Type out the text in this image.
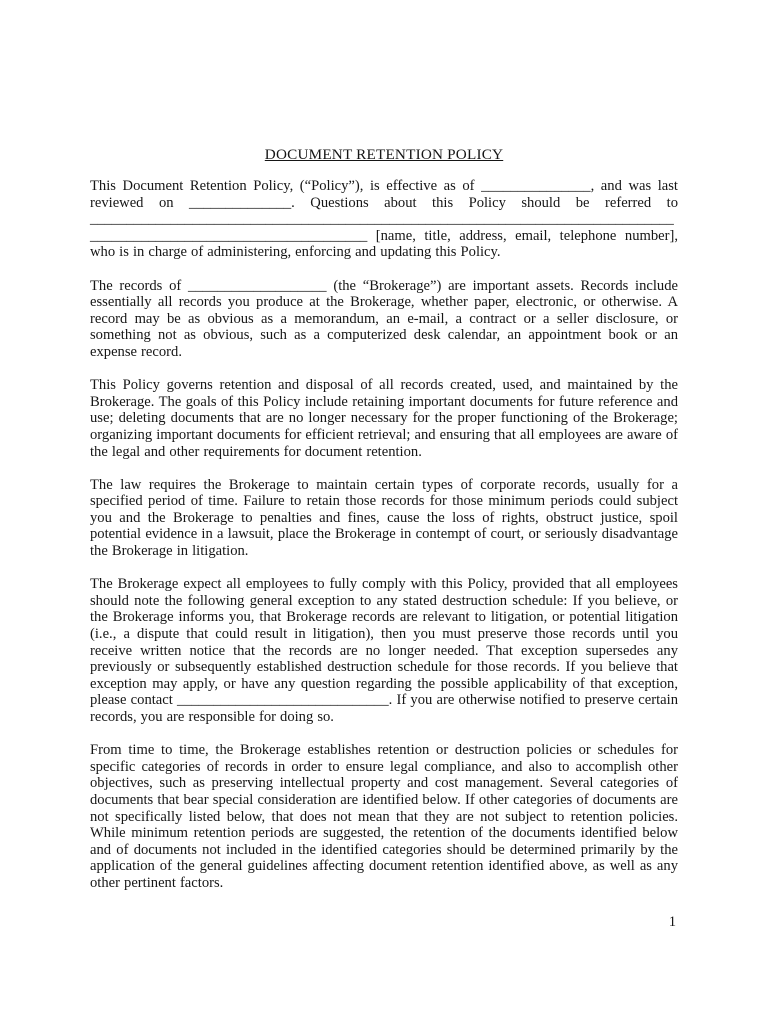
DOCUMENT RETENTION POLICY

This Document Retention Policy, (“Policy”), is effective as of _______________, and was last reviewed on ______________. Questions about this Policy should be referred to ________________________________________________________________________________ ______________________________________ [name, title, address, email, telephone number], who is in charge of administering, enforcing and updating this Policy.

The records of ___________________ (the “Brokerage”) are important assets. Records include essentially all records you produce at the Brokerage, whether paper, electronic, or otherwise. A record may be as obvious as a memorandum, an e-mail, a contract or a seller disclosure, or something not as obvious, such as a computerized desk calendar, an appointment book or an expense record.

This Policy governs retention and disposal of all records created, used, and maintained by the Brokerage. The goals of this Policy include retaining important documents for future reference and use; deleting documents that are no longer necessary for the proper functioning of the Brokerage; organizing important documents for efficient retrieval; and ensuring that all employees are aware of the legal and other requirements for document retention.

The law requires the Brokerage to maintain certain types of corporate records, usually for a specified period of time. Failure to retain those records for those minimum periods could subject you and the Brokerage to penalties and fines, cause the loss of rights, obstruct justice, spoil potential evidence in a lawsuit, place the Brokerage in contempt of court, or seriously disadvantage the Brokerage in litigation.

The Brokerage expect all employees to fully comply with this Policy, provided that all employees should note the following general exception to any stated destruction schedule: If you believe, or the Brokerage informs you, that Brokerage records are relevant to litigation, or potential litigation (i.e., a dispute that could result in litigation), then you must preserve those records until you receive written notice that the records are no longer needed. That exception supersedes any previously or subsequently established destruction schedule for those records. If you believe that exception may apply, or have any question regarding the possible applicability of that exception, please contact _____________________________. If you are otherwise notified to preserve certain records, you are responsible for doing so.

From time to time, the Brokerage establishes retention or destruction policies or schedules for specific categories of records in order to ensure legal compliance, and also to accomplish other objectives, such as preserving intellectual property and cost management. Several categories of documents that bear special consideration are identified below. If other categories of documents are not specifically listed below, that does not mean that they are not subject to retention policies. While minimum retention periods are suggested, the retention of the documents identified below and of documents not included in the identified categories should be determined primarily by the application of the general guidelines affecting document retention identified above, as well as any other pertinent factors.

1
